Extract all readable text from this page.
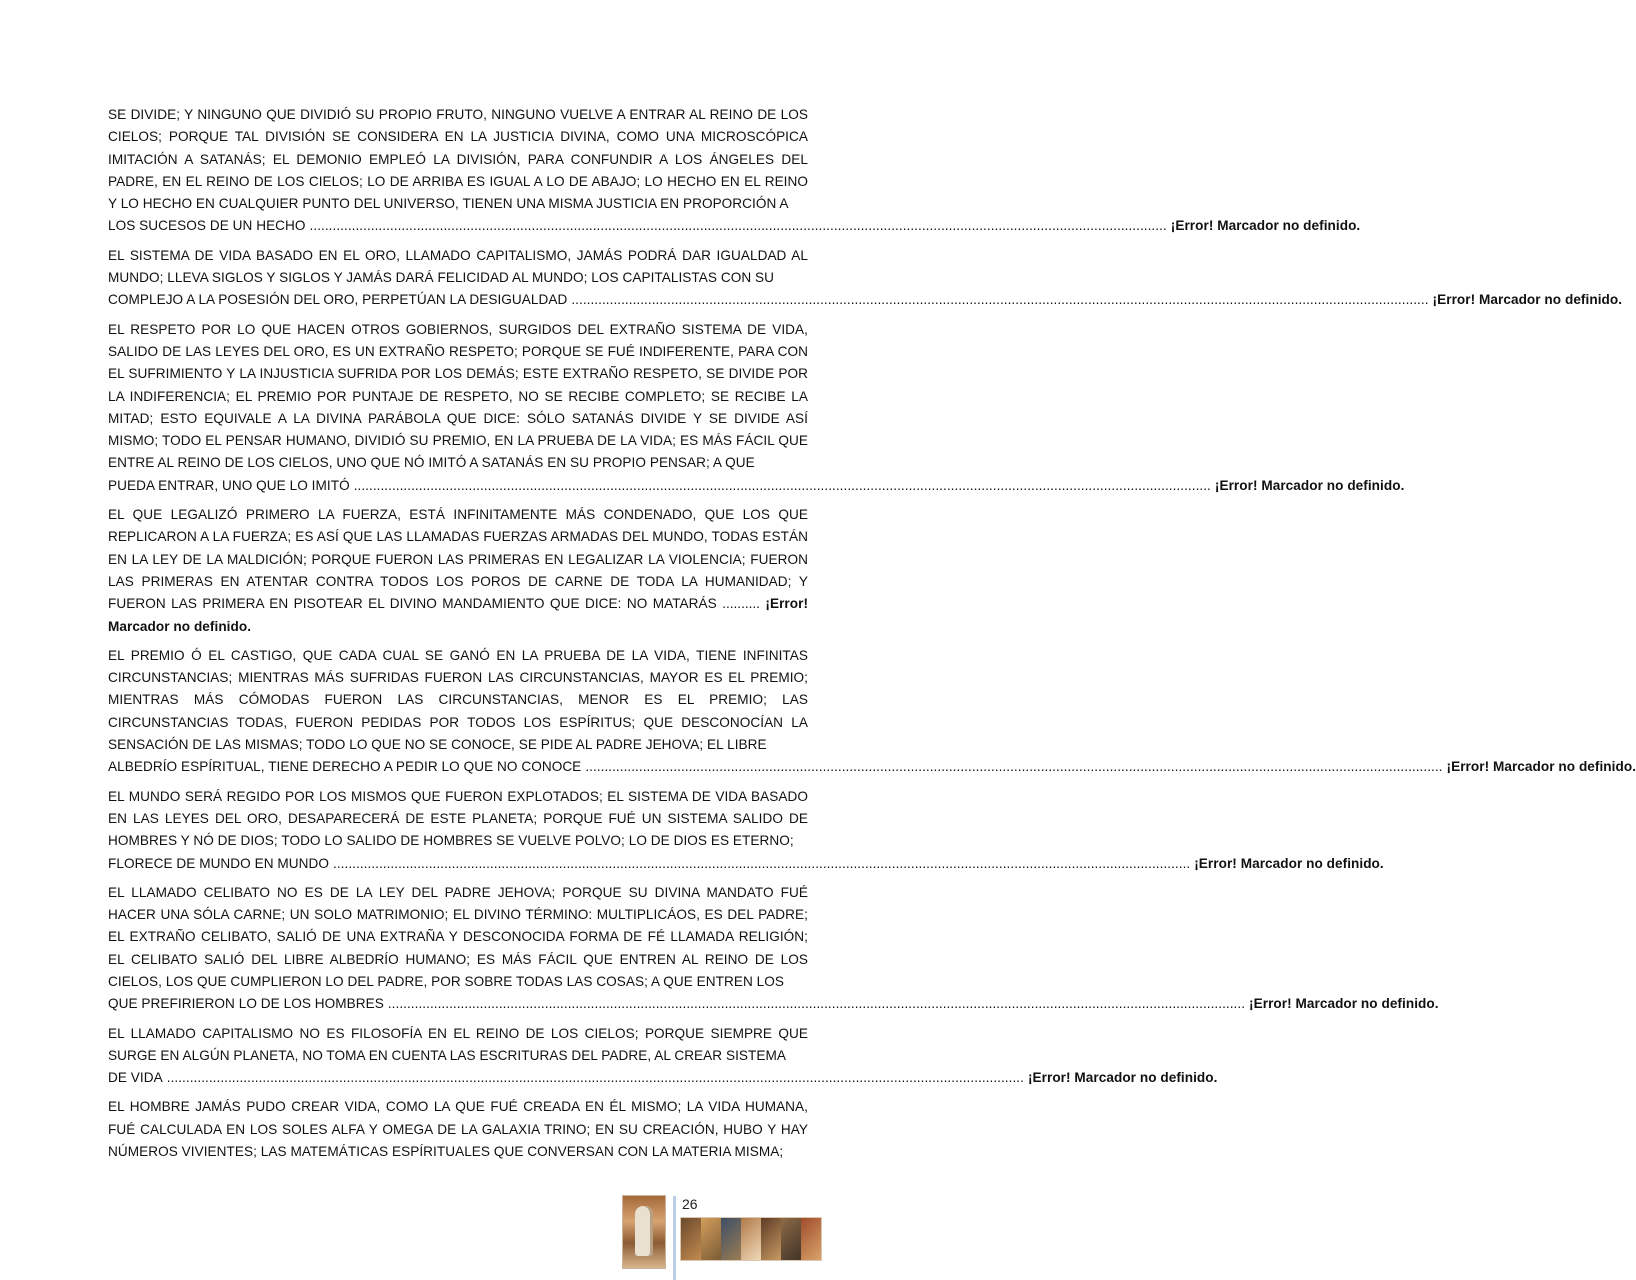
SE DIVIDE; Y NINGUNO QUE DIVIDIÓ SU PROPIO FRUTO, NINGUNO VUELVE A ENTRAR AL REINO DE LOS CIELOS; PORQUE TAL DIVISIÓN SE CONSIDERA EN LA JUSTICIA DIVINA, COMO UNA MICROSCÓPICA IMITACIÓN A SATANÁS; EL DEMONIO EMPLEÓ LA DIVISIÓN, PARA CONFUNDIR A LOS ÁNGELES DEL PADRE, EN EL REINO DE LOS CIELOS; LO DE ARRIBA ES IGUAL A LO DE ABAJO; LO HECHO EN EL REINO Y LO HECHO EN CUALQUIER PUNTO DEL UNIVERSO, TIENEN UNA MISMA JUSTICIA EN PROPORCIÓN A
LOS SUCESOS DE UN HECHO ................................................................................................................................................................................................................................ ¡Error! Marcador no definido.
EL SISTEMA DE VIDA BASADO EN EL ORO, LLAMADO CAPITALISMO, JAMÁS PODRÁ DAR IGUALDAD AL MUNDO; LLEVA SIGLOS Y SIGLOS Y JAMÁS DARÁ FELICIDAD AL MUNDO; LOS CAPITALISTAS CON SU
COMPLEJO A LA POSESIÓN DEL ORO, PERPETÚAN LA DESIGUALDAD ................................................................................................................................................................................................................................ ¡Error! Marcador no definido.
EL RESPETO POR LO QUE HACEN OTROS GOBIERNOS, SURGIDOS DEL EXTRAÑO SISTEMA DE VIDA, SALIDO DE LAS LEYES DEL ORO, ES UN EXTRAÑO RESPETO; PORQUE SE FUÉ INDIFERENTE, PARA CON EL SUFRIMIENTO Y LA INJUSTICIA SUFRIDA POR LOS DEMÁS; ESTE EXTRAÑO RESPETO, SE DIVIDE POR LA INDIFERENCIA; EL PREMIO POR PUNTAJE DE RESPETO, NO SE RECIBE COMPLETO; SE RECIBE LA MITAD; ESTO EQUIVALE A LA DIVINA PARÁBOLA QUE DICE: SÓLO SATANÁS DIVIDE Y SE DIVIDE ASÍ MISMO; TODO EL PENSAR HUMANO, DIVIDIÓ SU PREMIO, EN LA PRUEBA DE LA VIDA; ES MÁS FÁCIL QUE ENTRE AL REINO DE LOS CIELOS, UNO QUE NÓ IMITÓ A SATANÁS EN SU PROPIO PENSAR; A QUE
PUEDA ENTRAR, UNO QUE LO IMITÓ ................................................................................................................................................................................................................................ ¡Error! Marcador no definido.
EL QUE LEGALIZÓ PRIMERO LA FUERZA, ESTÁ INFINITAMENTE MÁS CONDENADO, QUE LOS QUE REPLICARON A LA FUERZA; ES ASÍ QUE LAS LLAMADAS FUERZAS ARMADAS DEL MUNDO, TODAS ESTÁN EN LA LEY DE LA MALDICIÓN; PORQUE FUERON LAS PRIMERAS EN LEGALIZAR LA VIOLENCIA; FUERON LAS PRIMERAS EN ATENTAR CONTRA TODOS LOS POROS DE CARNE DE TODA LA HUMANIDAD; Y FUERON LAS PRIMERA EN PISOTEAR EL DIVINO MANDAMIENTO QUE DICE: NO MATARÁS .......... ¡Error! Marcador no definido.
EL PREMIO Ó EL CASTIGO, QUE CADA CUAL SE GANÓ EN LA PRUEBA DE LA VIDA, TIENE INFINITAS CIRCUNSTANCIAS; MIENTRAS MÁS SUFRIDAS FUERON LAS CIRCUNSTANCIAS, MAYOR ES EL PREMIO; MIENTRAS MÁS CÓMODAS FUERON LAS CIRCUNSTANCIAS, MENOR ES EL PREMIO; LAS CIRCUNSTANCIAS TODAS, FUERON PEDIDAS POR TODOS LOS ESPÍRITUS; QUE DESCONOCÍAN LA SENSACIÓN DE LAS MISMAS; TODO LO QUE NO SE CONOCE, SE PIDE AL PADRE JEHOVA; EL LIBRE
ALBEDRÍO ESPÍRITUAL, TIENE DERECHO A PEDIR LO QUE NO CONOCE ................................................................................................................................................................................................................................ ¡Error! Marcador no definido.
EL MUNDO SERÁ REGIDO POR LOS MISMOS QUE FUERON EXPLOTADOS; EL SISTEMA DE VIDA BASADO EN LAS LEYES DEL ORO, DESAPARECERÁ DE ESTE PLANETA; PORQUE FUÉ UN SISTEMA SALIDO DE HOMBRES Y NÓ DE DIOS; TODO LO SALIDO DE HOMBRES SE VUELVE POLVO; LO DE DIOS ES ETERNO;
FLORECE DE MUNDO EN MUNDO ................................................................................................................................................................................................................................ ¡Error! Marcador no definido.
EL LLAMADO CELIBATO NO ES DE LA LEY DEL PADRE JEHOVA; PORQUE SU DIVINA MANDATO FUÉ HACER UNA SÓLA CARNE; UN SOLO MATRIMONIO; EL DIVINO TÉRMINO: MULTIPLICÁOS, ES DEL PADRE; EL EXTRAÑO CELIBATO, SALIÓ DE UNA EXTRAÑA Y DESCONOCIDA FORMA DE FÉ LLAMADA RELIGIÓN; EL CELIBATO SALIÓ DEL LIBRE ALBEDRÍO HUMANO; ES MÁS FÁCIL QUE ENTREN AL REINO DE LOS CIELOS, LOS QUE CUMPLIERON LO DEL PADRE, POR SOBRE TODAS LAS COSAS; A QUE ENTREN LOS
QUE PREFIRIERON LO DE LOS HOMBRES ................................................................................................................................................................................................................................ ¡Error! Marcador no definido.
EL LLAMADO CAPITALISMO NO ES FILOSOFÍA EN EL REINO DE LOS CIELOS; PORQUE SIEMPRE QUE SURGE EN ALGÚN PLANETA, NO TOMA EN CUENTA LAS ESCRITURAS DEL PADRE, AL CREAR SISTEMA
DE VIDA ................................................................................................................................................................................................................................ ¡Error! Marcador no definido.
EL HOMBRE JAMÁS PUDO CREAR VIDA, COMO LA QUE FUÉ CREADA EN ÉL MISMO; LA VIDA HUMANA, FUÉ CALCULADA EN LOS SOLES ALFA Y OMEGA DE LA GALAXIA TRINO; EN SU CREACIÓN, HUBO Y HAY NÚMEROS VIVIENTES; LAS MATEMÁTICAS ESPÍRITUALES QUE CONVERSAN CON LA MATERIA MISMA;
26
